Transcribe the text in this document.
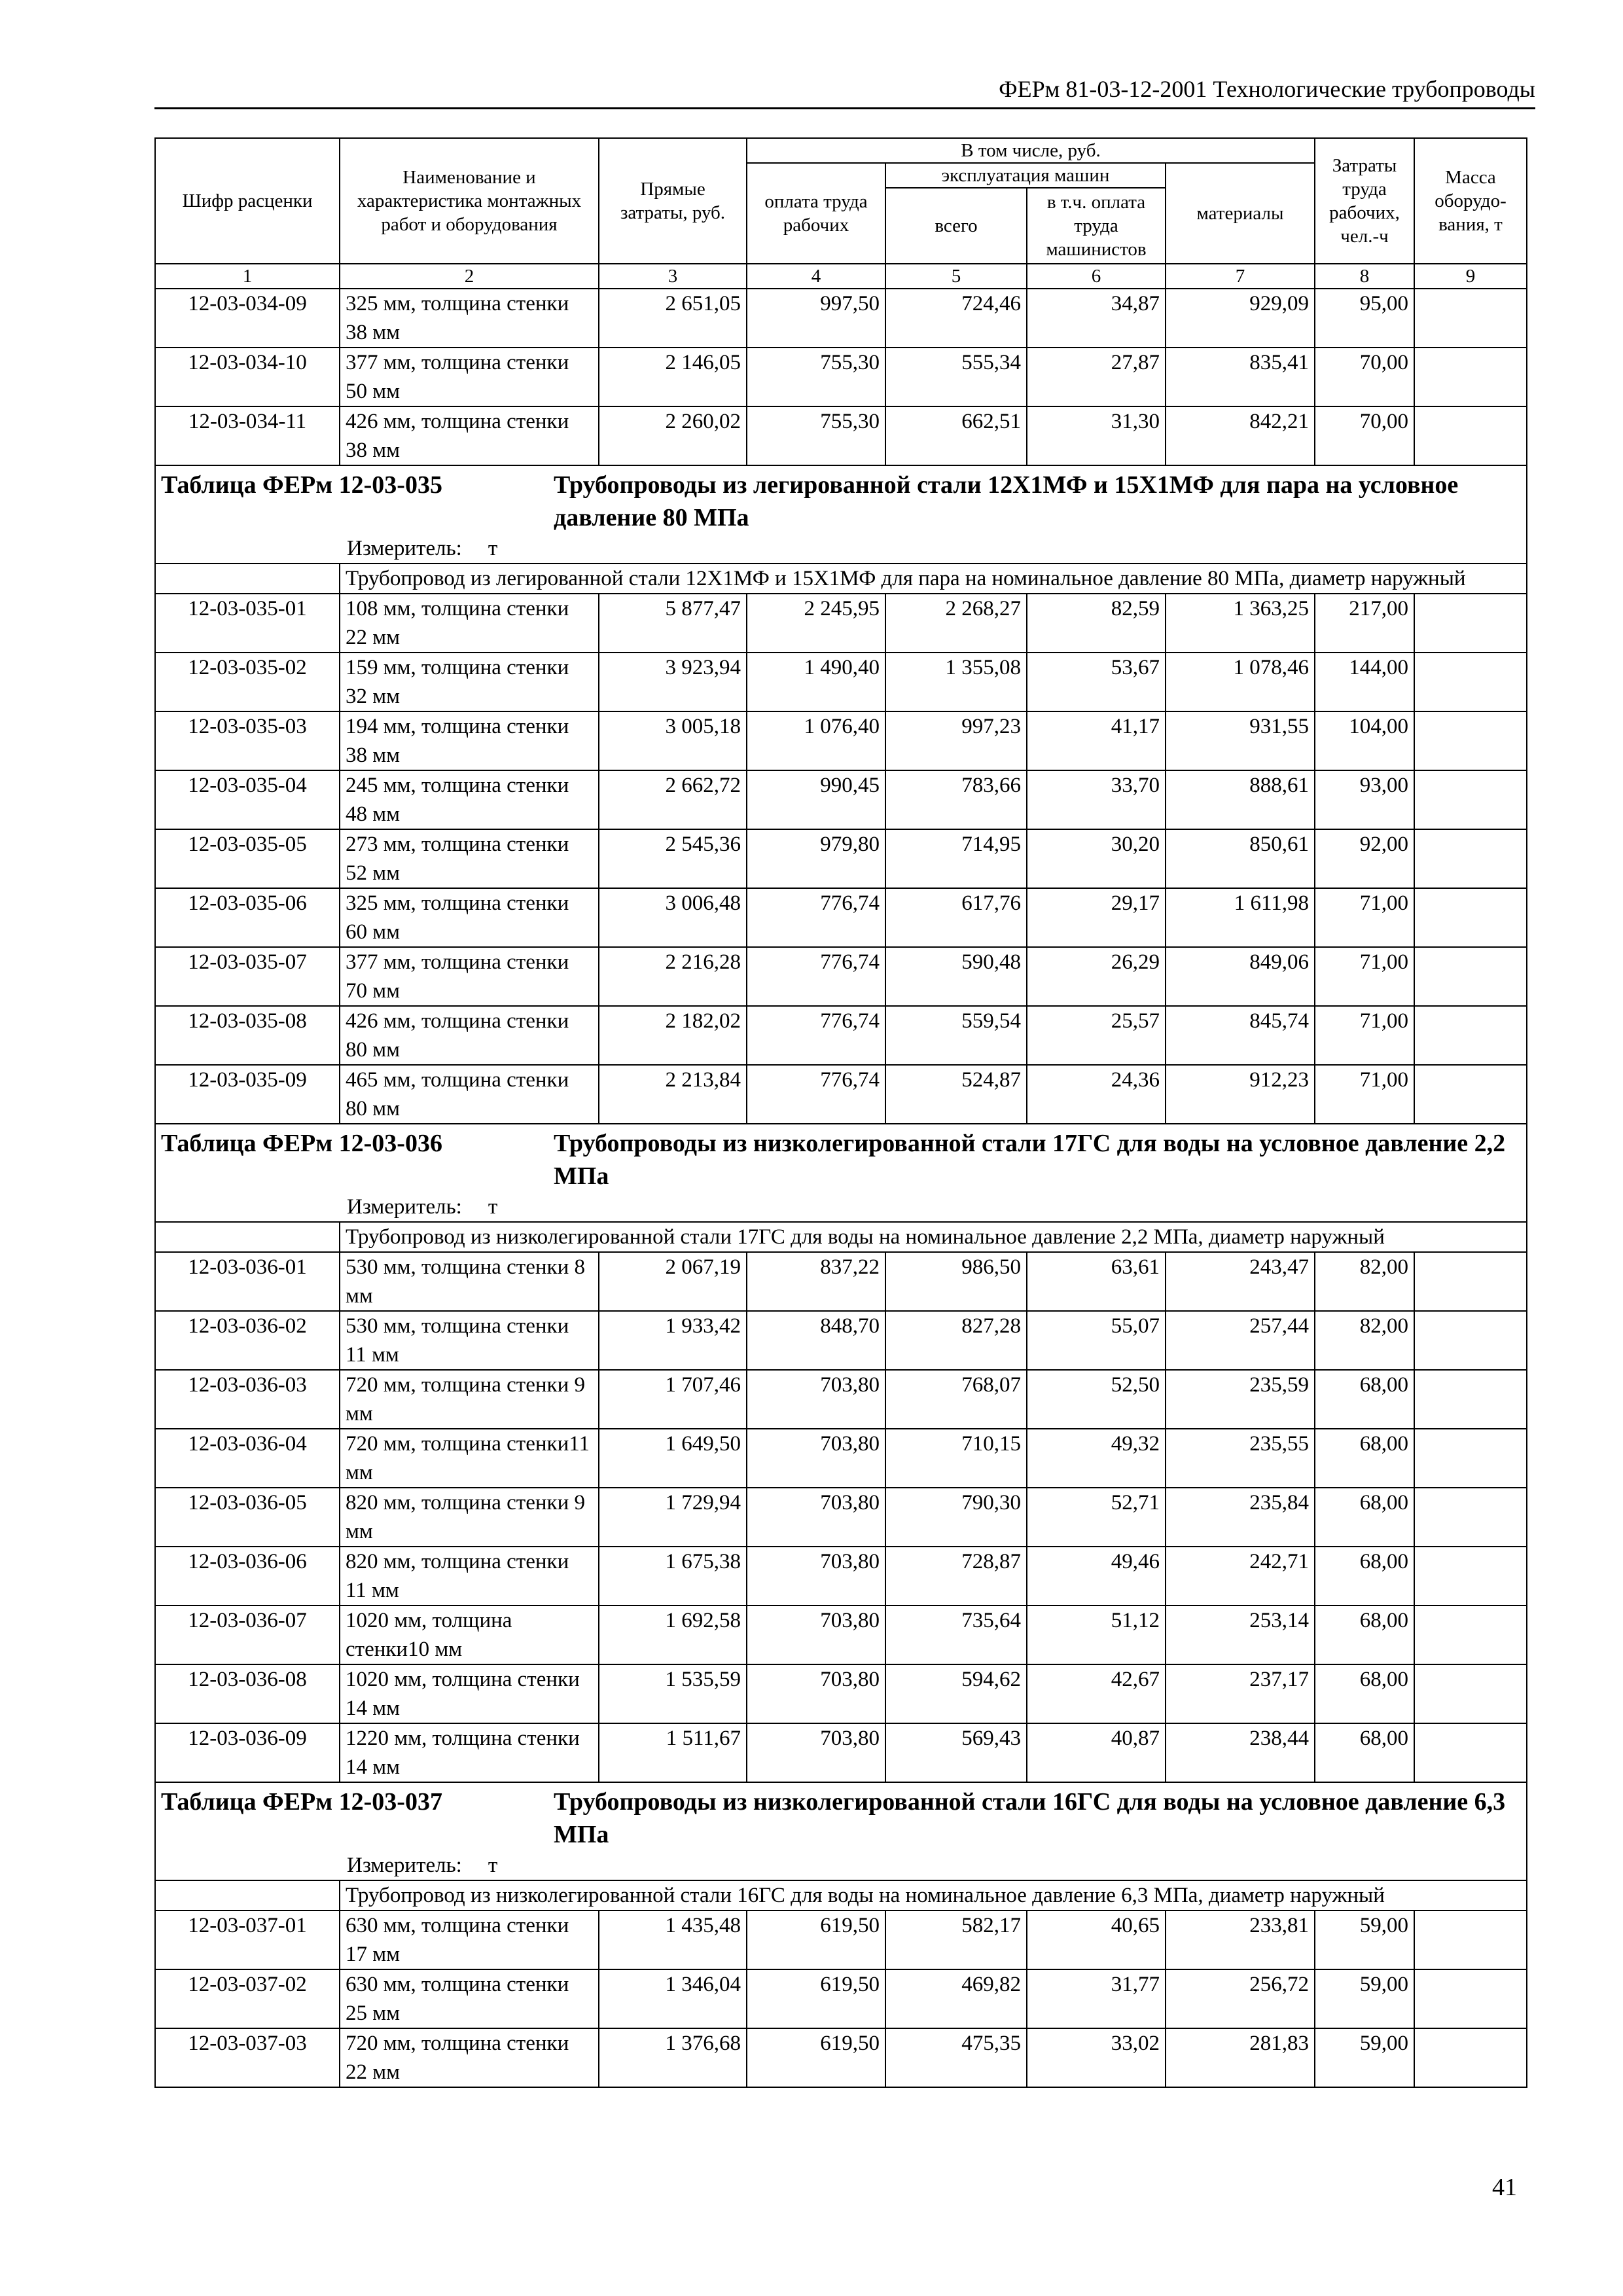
ФЕРм 81-03-12-2001 Технологические трубопроводы
Шифр расценки	Наименование и характеристика монтажных работ и оборудования	Прямые затраты, руб.	В том числе, руб.				Затраты труда рабочих, чел.-ч	Масса оборудо-вания, т
			оплата труда рабочих	эксплуатация машин		материалы		
				всего	в т.ч. оплата труда машинистов			
1	2	3	4	5	6	7	8	9
12-03-034-09	325 мм, толщина стенки 38 мм	2 651,05	997,50	724,46	34,87	929,09	95,00	
12-03-034-10	377 мм, толщина стенки 50 мм	2 146,05	755,30	555,34	27,87	835,41	70,00	
12-03-034-11	426 мм, толщина стенки 38 мм	2 260,02	755,30	662,51	31,30	842,21	70,00	

Таблица ФЕРм 12-03-035 Трубопроводы из легированной стали 12Х1МФ и 15Х1МФ для пара на условное давление 80 МПа								

Измеритель: т								
	Трубопровод из легированной стали 12Х1МФ и 15Х1МФ для пара на номинальное давление 80 МПа, диаметр наружный							
12-03-035-01	108 мм, толщина стенки 22 мм	5 877,47	2 245,95	2 268,27	82,59	1 363,25	217,00	
12-03-035-02	159 мм, толщина стенки 32 мм	3 923,94	1 490,40	1 355,08	53,67	1 078,46	144,00	
12-03-035-03	194 мм, толщина стенки 38 мм	3 005,18	1 076,40	997,23	41,17	931,55	104,00	
12-03-035-04	245 мм, толщина стенки 48 мм	2 662,72	990,45	783,66	33,70	888,61	93,00	
12-03-035-05	273 мм, толщина стенки 52 мм	2 545,36	979,80	714,95	30,20	850,61	92,00	
12-03-035-06	325 мм, толщина стенки 60 мм	3 006,48	776,74	617,76	29,17	1 611,98	71,00	
12-03-035-07	377 мм, толщина стенки 70 мм	2 216,28	776,74	590,48	26,29	849,06	71,00	
12-03-035-08	426 мм, толщина стенки 80 мм	2 182,02	776,74	559,54	25,57	845,74	71,00	
12-03-035-09	465 мм, толщина стенки 80 мм	2 213,84	776,74	524,87	24,36	912,23	71,00	

Таблица ФЕРм 12-03-036 Трубопроводы из низколегированной стали 17ГС для воды на условное давление 2,2 МПа								

Измеритель: т								
	Трубопровод из низколегированной стали 17ГС для воды на номинальное давление 2,2 МПа, диаметр наружный							
12-03-036-01	530 мм, толщина стенки 8 мм	2 067,19	837,22	986,50	63,61	243,47	82,00	
12-03-036-02	530 мм, толщина стенки 11 мм	1 933,42	848,70	827,28	55,07	257,44	82,00	
12-03-036-03	720 мм, толщина стенки 9 мм	1 707,46	703,80	768,07	52,50	235,59	68,00	
12-03-036-04	720 мм, толщина стенки11 мм	1 649,50	703,80	710,15	49,32	235,55	68,00	
12-03-036-05	820 мм, толщина стенки 9 мм	1 729,94	703,80	790,30	52,71	235,84	68,00	
12-03-036-06	820 мм, толщина стенки 11 мм	1 675,38	703,80	728,87	49,46	242,71	68,00	
12-03-036-07	1020 мм, толщина стенки10 мм	1 692,58	703,80	735,64	51,12	253,14	68,00	
12-03-036-08	1020 мм, толщина стенки 14 мм	1 535,59	703,80	594,62	42,67	237,17	68,00	
12-03-036-09	1220 мм, толщина стенки 14 мм	1 511,67	703,80	569,43	40,87	238,44	68,00	

Таблица ФЕРм 12-03-037 Трубопроводы из низколегированной стали 16ГС для воды на условное давление 6,3 МПа								

Измеритель: т								
	Трубопровод из низколегированной стали 16ГС для воды на номинальное давление 6,3 МПа, диаметр наружный							
12-03-037-01	630 мм, толщина стенки 17 мм	1 435,48	619,50	582,17	40,65	233,81	59,00	
12-03-037-02	630 мм, толщина стенки 25 мм	1 346,04	619,50	469,82	31,77	256,72	59,00	
12-03-037-03	720 мм, толщина стенки 22 мм	1 376,68	619,50	475,35	33,02	281,83	59,00	
41
